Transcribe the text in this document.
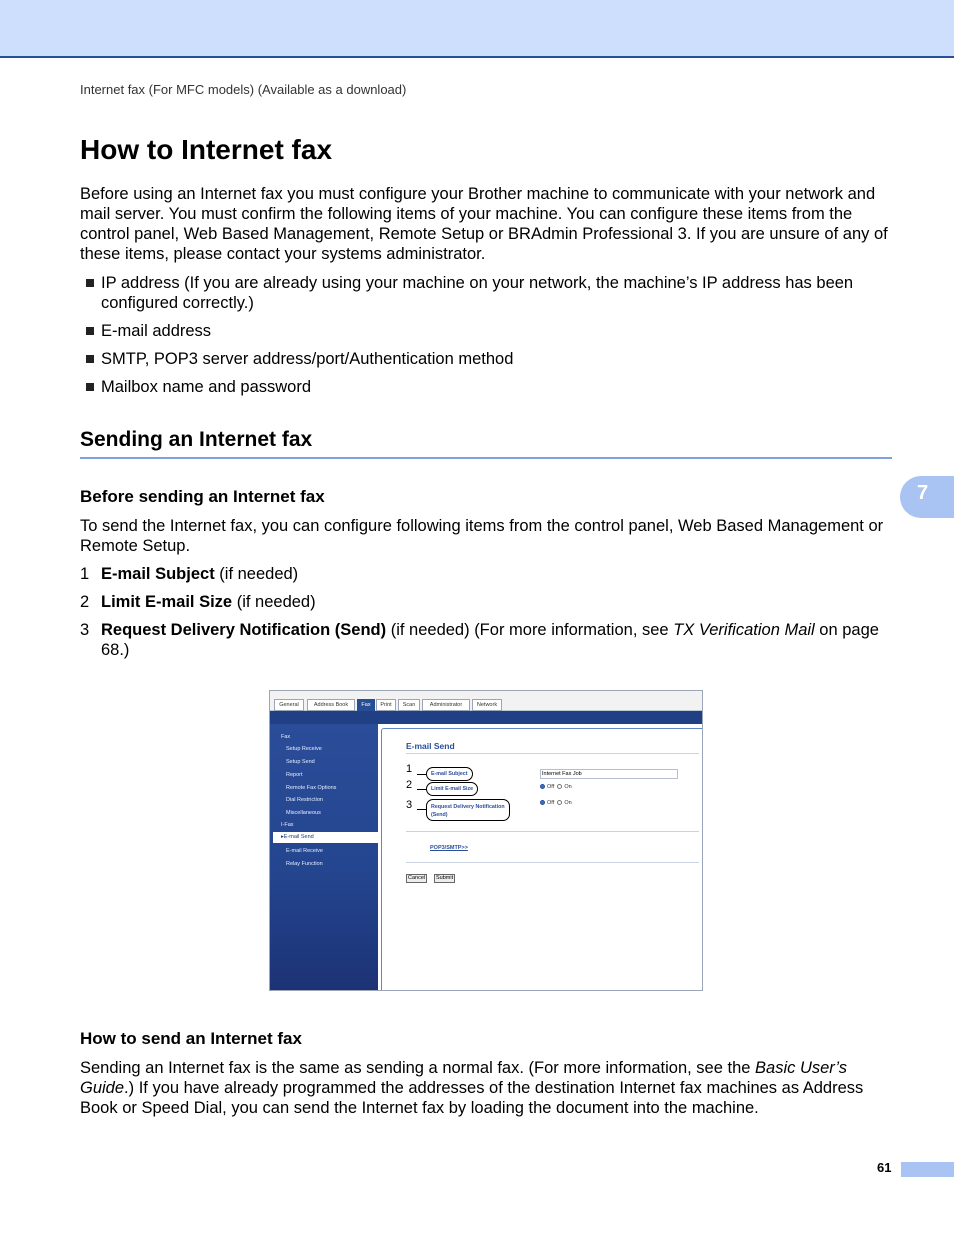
Internet fax (For MFC models) (Available as a download)
How to Internet fax

Before using an Internet fax you must configure your Brother machine to communicate with your network and mail server. You must confirm the following items of your machine. You can configure these items from the control panel, Web Based Management, Remote Setup or BRAdmin Professional 3. If you are unsure of any of these items, please contact your systems administrator.

IP address (If you are already using your machine on your network, the machine’s IP address has been configured correctly.)
E-mail address
SMTP, POP3 server address/port/Authentication method
Mailbox name and password
Sending an Internet fax
7
Before sending an Internet fax

To send the Internet fax, you can configure following items from the control panel, Web Based Management or Remote Setup.

1 E-mail Subject (if needed)
2 Limit E-mail Size (if needed)
3 Request Delivery Notification (Send) (if needed) (For more information, see TX Verification Mail on page 68.)
General	Address Book	Fax	Print	Scan	Administrator	Network
Fax
Setup Receive
Setup Send
Report
Remote Fax Options
Dial Restriction
Miscellaneous
I-Fax
▸E-mail Send
E-mail Receive
Relay Function
E-mail Send
1	E-mail Subject	Internet Fax Job
2	Limit E-mail Size	Off On
3	Request Delivery Notification
(Send)
Off On
POP3/SMTP>>
Cancel	Submit
How to send an Internet fax

Sending an Internet fax is the same as sending a normal fax. (For more information, see the Basic User’s Guide.) If you have already programmed the addresses of the destination Internet fax machines as Address Book or Speed Dial, you can send the Internet fax by loading the document into the machine.

61
